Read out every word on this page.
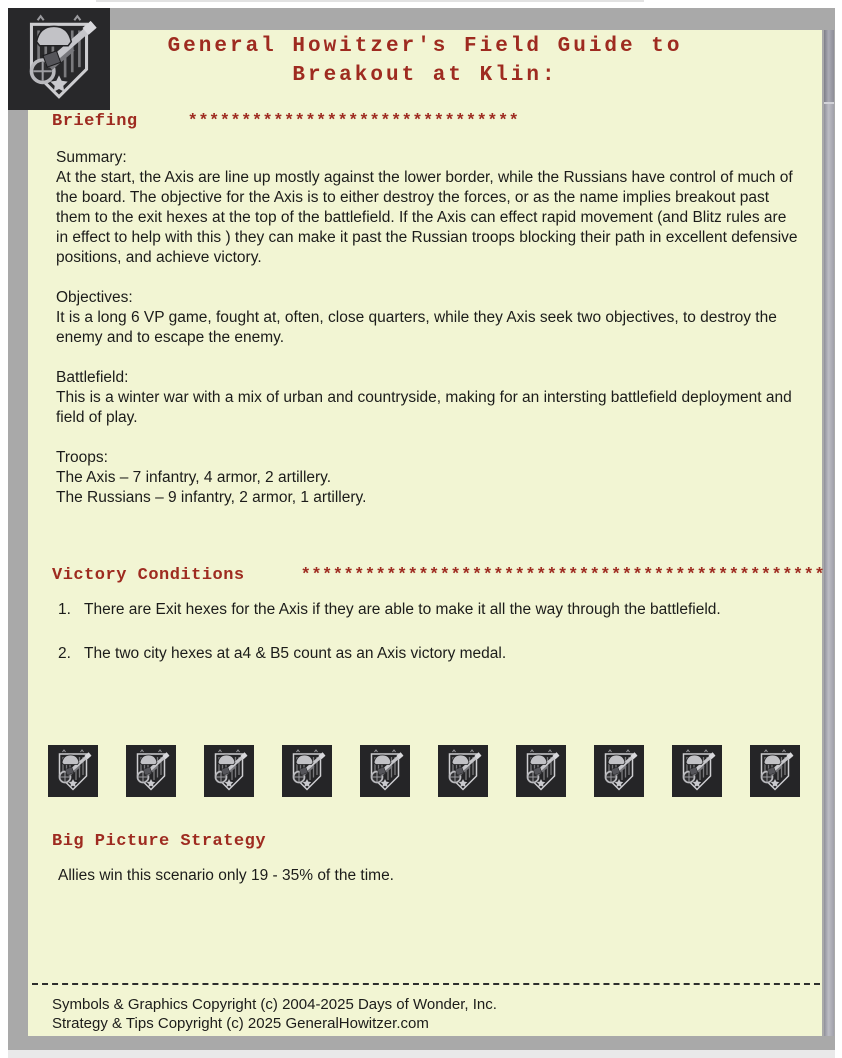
General Howitzer's Field Guide to
Breakout at Klin:
Briefing	*******************************
Summary:
At the start, the Axis are line up mostly against the lower border, while the Russians have control of much of the board. The objective for the Axis is to either destroy the forces, or as the name implies breakout past them to the exit hexes at the top of the battlefield. If the Axis can effect rapid movement (and Blitz rules are in effect to help with this ) they can make it past the Russian troops blocking their path in excellent defensive positions, and achieve victory.
Objectives:
It is a long 6 VP game, fought at, often, close quarters, while they Axis seek two objectives, to destroy the enemy and to escape the enemy.
Battlefield:
This is a winter war with a mix of urban and countryside, making for an intersting battlefield deployment and field of play.
Troops:
The Axis – 7 infantry, 4 armor, 2 artillery.
The Russians – 9 infantry, 2 armor, 1 artillery.
Victory Conditions	*************************************************
1. There are Exit hexes for the Axis if they are able to make it all the way through the battlefield.
2. The two city hexes at a4 & B5 count as an Axis victory medal.
Big Picture Strategy
Allies win this scenario only 19 - 35% of the time.
Symbols & Graphics Copyright (c) 2004-2025 Days of Wonder, Inc.
Strategy & Tips Copyright (c) 2025 GeneralHowitzer.com
